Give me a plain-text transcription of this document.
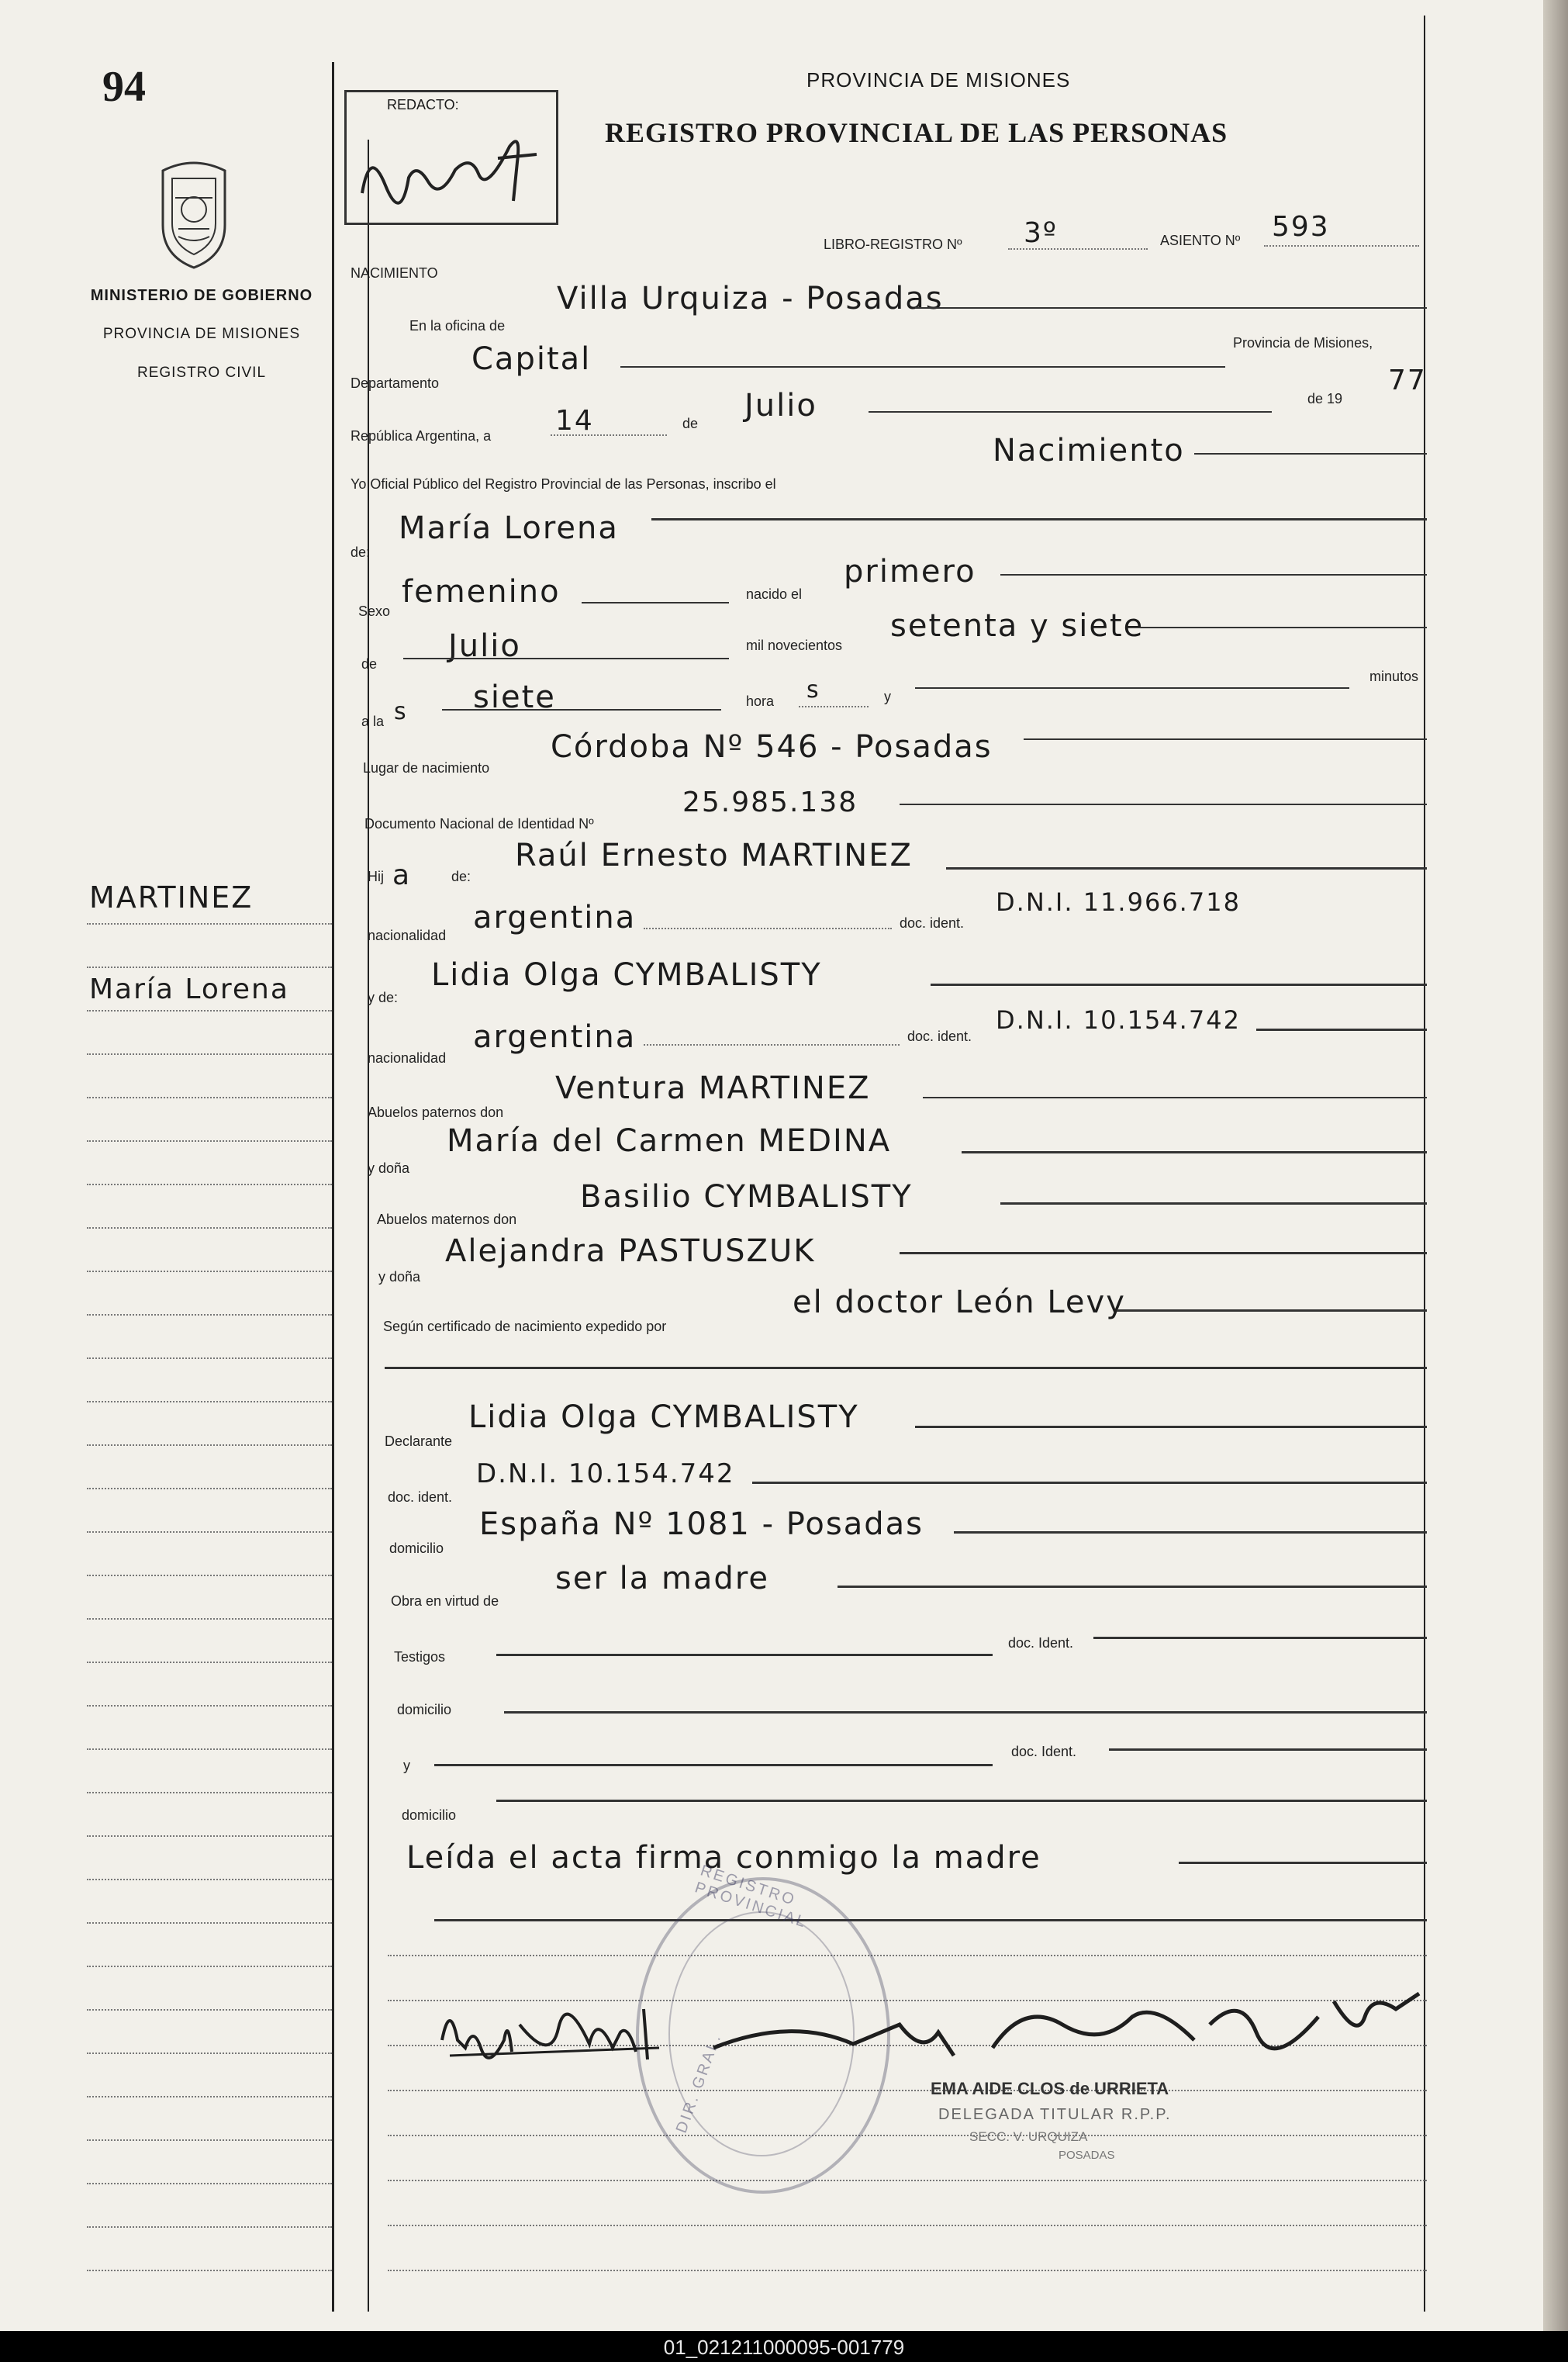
94
MINISTERIO DE GOBIERNO
PROVINCIA DE MISIONES
REGISTRO CIVIL
MARTINEZ
María Lorena
REDACTO:
PROVINCIA DE MISIONES
REGISTRO PROVINCIAL DE LAS PERSONAS
LIBRO-REGISTRO Nº 3º	ASIENTO Nº 593
NACIMIENTO
En la oficina de
Villa Urquiza - Posadas
Departamento
Capital	Provincia de Misiones,
República Argentina, a 14	de Julio	de 19
77
Yo Oficial Público del Registro Provincial de las Personas, inscribo el
Nacimiento
de:
María Lorena
Sexo
femenino	nacido el
primero
de Julio	mil novecientos
setenta y siete
a la s siete	hora s	y
minutos
Lugar de nacimiento
Córdoba Nº 546 - Posadas
Documento Nacional de Identidad Nº
25.985.138
Hij a	de:
Raúl Ernesto MARTINEZ
nacionalidad argentina	doc. ident.
D.N.I. 11.966.718
y de:
Lidia Olga CYMBALISTY
nacionalidad
argentina	doc. ident.
D.N.I. 10.154.742
Abuelos paternos don
Ventura MARTINEZ
y doña
María del Carmen MEDINA
Abuelos maternos don
Basilio CYMBALISTY
y doña
Alejandra PASTUSZUK
Según certificado de nacimiento expedido por
el doctor León Levy
Declarante
Lidia Olga CYMBALISTY
doc. ident.
D.N.I. 10.154.742
domicilio
España Nº 1081 - Posadas
Obra en virtud de
ser la madre
Testigos
doc. Ident.
domicilio
y
doc. Ident.
domicilio
Leída el acta firma conmigo la madre
REGISTRO PROVINCIAL
DIR. GRAL.	EMA AIDE CLOS de URRIETA
DELEGADA TITULAR R.P.P.
SECC. V. URQUIZA
POSADAS
01_021211000095-001779
